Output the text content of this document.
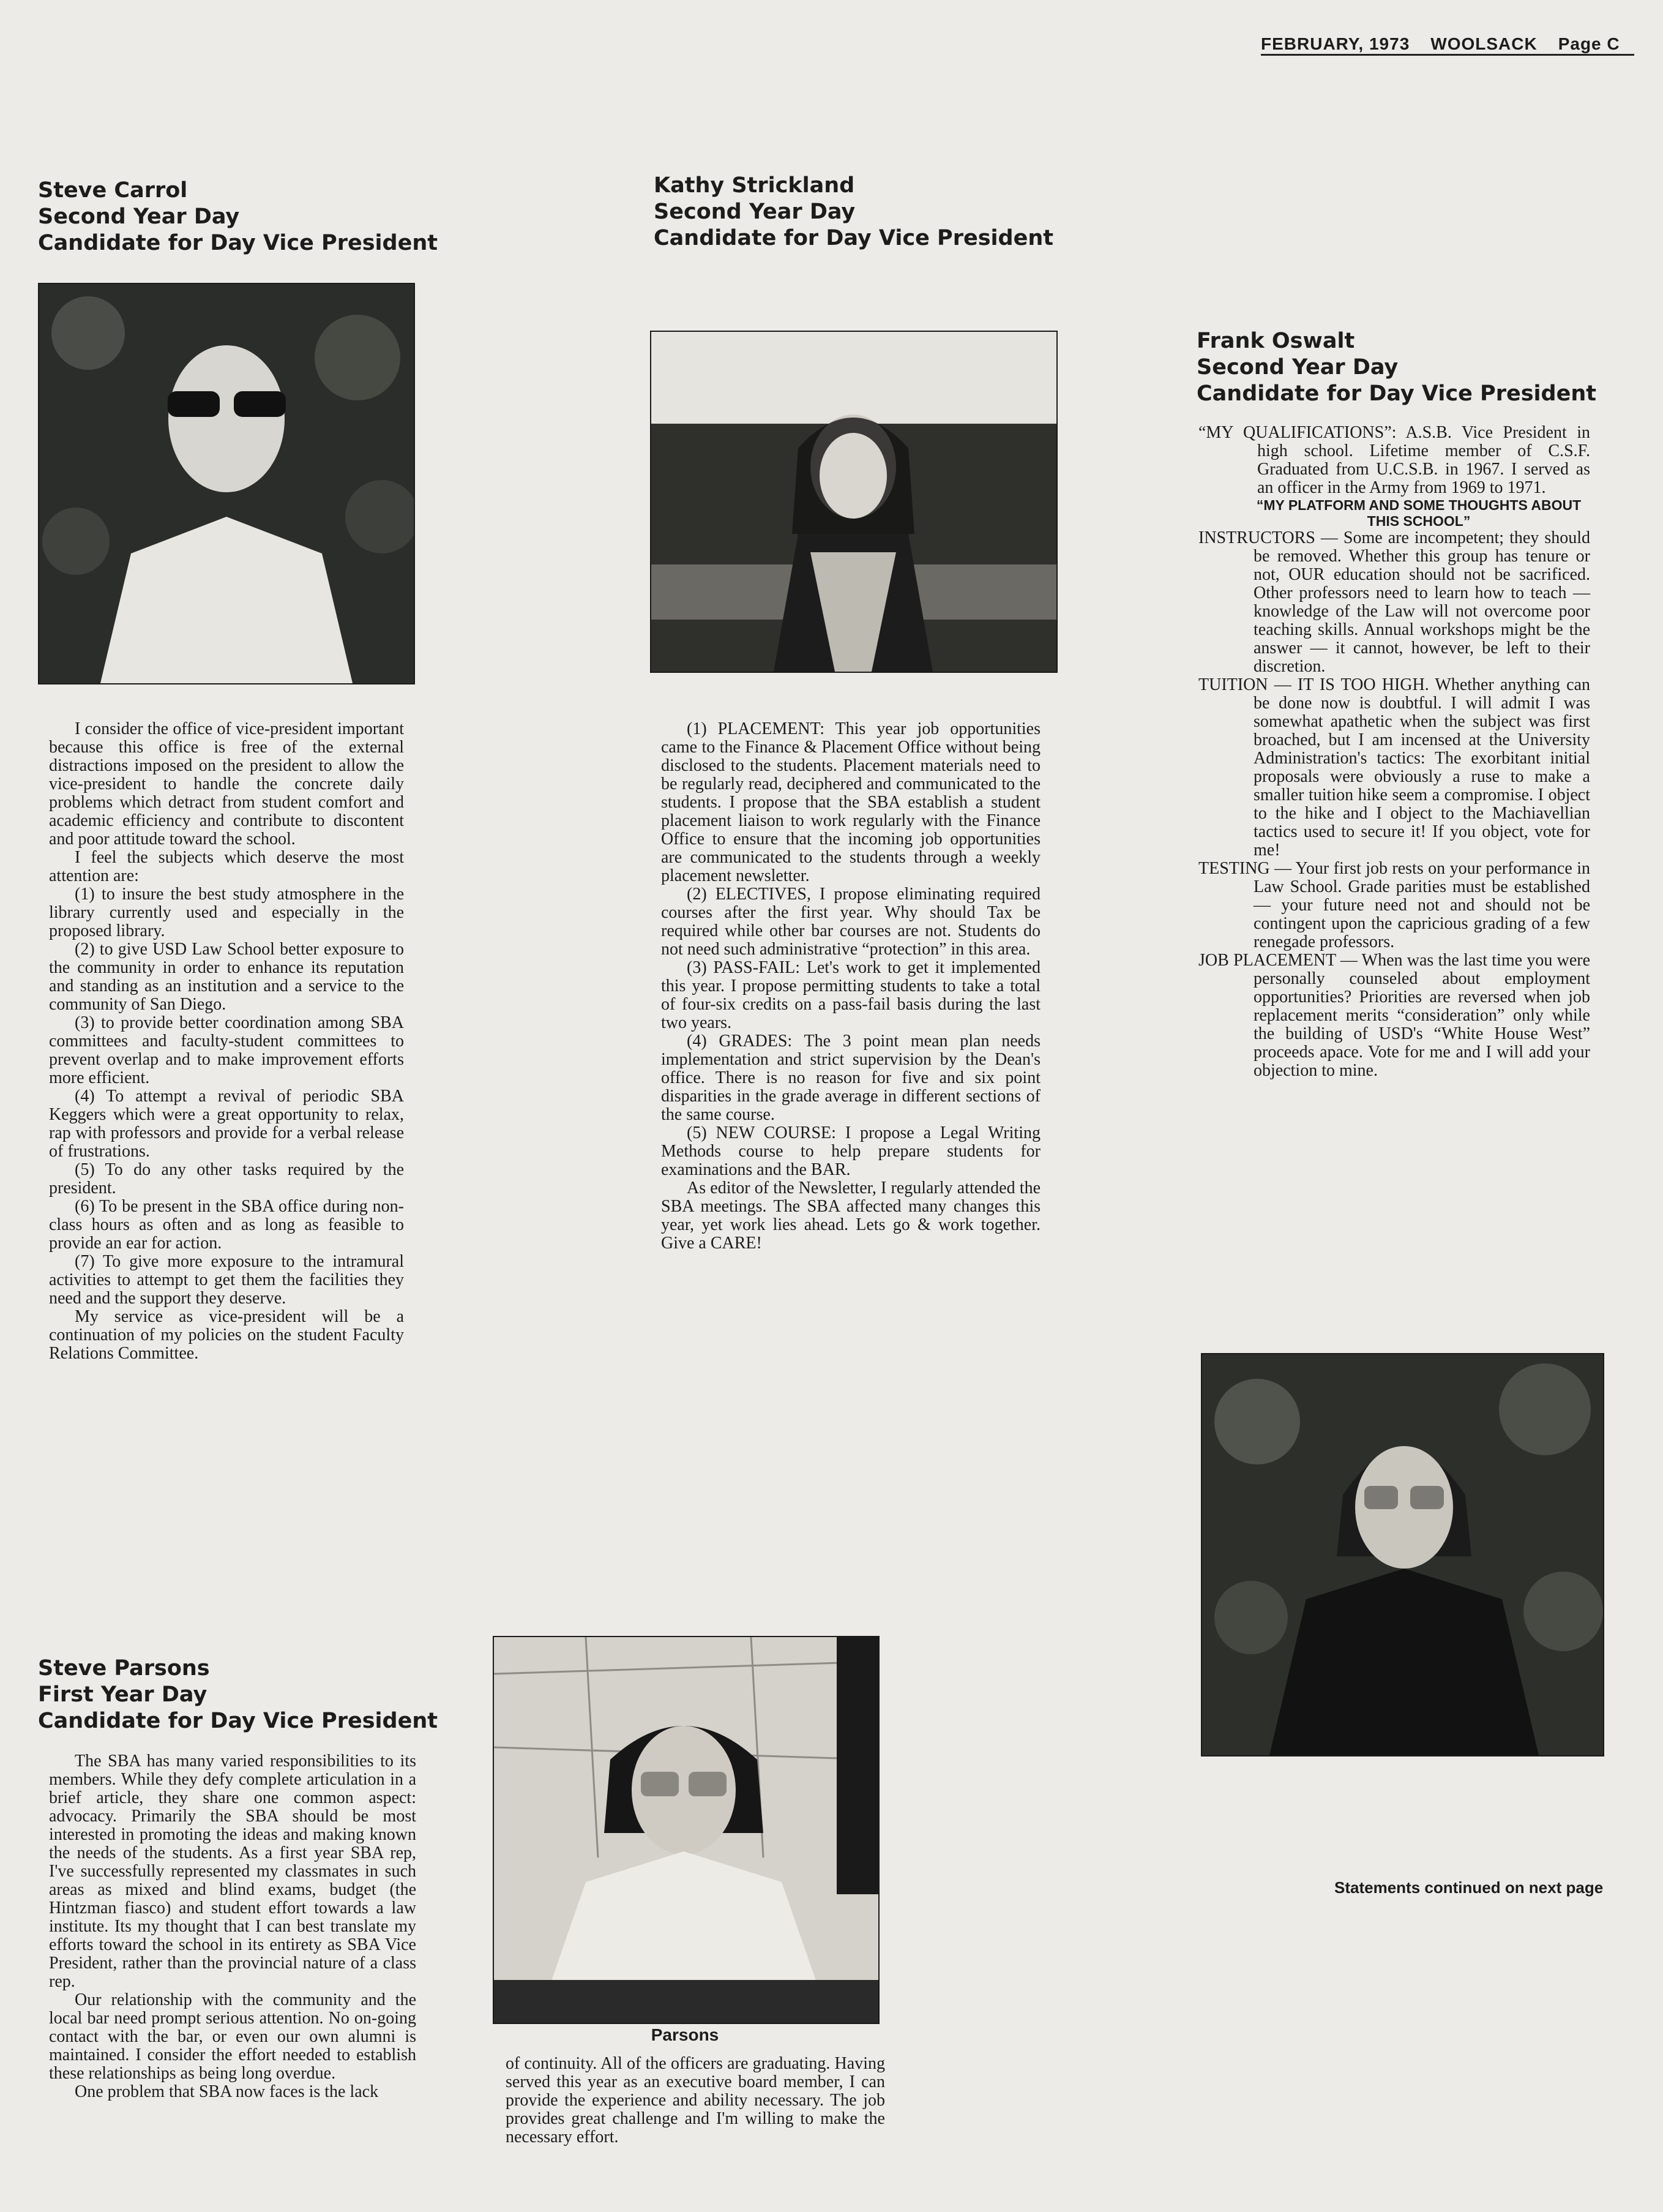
FEBRUARY, 1973 WOOLSACK Page C
Steve Carrol
Second Year Day
Candidate for Day Vice President

I consider the office of vice-president important because this office is free of the external distractions imposed on the president to allow the vice-president to handle the concrete daily problems which detract from student comfort and academic efficiency and contribute to discontent and poor attitude toward the school.

I feel the subjects which deserve the most attention are:

(1) to insure the best study atmosphere in the library currently used and especially in the proposed library.

(2) to give USD Law School better exposure to the community in order to enhance its reputation and standing as an institution and a service to the community of San Diego.

(3) to provide better coordination among SBA committees and faculty-student committees to prevent overlap and to make improvement efforts more efficient.

(4) To attempt a revival of periodic SBA Keggers which were a great opportunity to relax, rap with professors and provide for a verbal release of frustrations.

(5) To do any other tasks required by the president.

(6) To be present in the SBA office during non-class hours as often and as long as feasible to provide an ear for action.

(7) To give more exposure to the intramural activities to attempt to get them the facilities they need and the support they deserve.

My service as vice-president will be a continuation of my policies on the student Faculty Relations Committee.

Kathy Strickland
Second Year Day
Candidate for Day Vice President

(1) PLACEMENT: This year job opportunities came to the Finance & Placement Office without being disclosed to the students. Placement materials need to be regularly read, deciphered and communicated to the students. I propose that the SBA establish a student placement liaison to work regularly with the Finance Office to ensure that the incoming job opportunities are communicated to the students through a weekly placement newsletter.

(2) ELECTIVES, I propose eliminating required courses after the first year. Why should Tax be required while other bar courses are not. Students do not need such administrative “protection” in this area.

(3) PASS-FAIL: Let's work to get it implemented this year. I propose permitting students to take a total of four-six credits on a pass-fail basis during the last two years.

(4) GRADES: The 3 point mean plan needs implementation and strict supervision by the Dean's office. There is no reason for five and six point disparities in the grade average in different sections of the same course.

(5) NEW COURSE: I propose a Legal Writing Methods course to help prepare students for examinations and the BAR.

As editor of the Newsletter, I regularly attended the SBA meetings. The SBA affected many changes this year, yet work lies ahead. Lets go & work together. Give a CARE!

Frank Oswalt
Second Year Day
Candidate for Day Vice President

“MY QUALIFICATIONS”: A.S.B. Vice President in high school. Lifetime member of C.S.F. Graduated from U.C.S.B. in 1967. I served as an officer in the Army from 1969 to 1971.

“MY PLATFORM AND SOME THOUGHTS ABOUT THIS SCHOOL”

INSTRUCTORS — Some are incompetent; they should be removed. Whether this group has tenure or not, OUR education should not be sacrificed. Other professors need to learn how to teach — knowledge of the Law will not overcome poor teaching skills. Annual workshops might be the answer — it cannot, however, be left to their discretion.

TUITION — IT IS TOO HIGH. Whether anything can be done now is doubtful. I will admit I was somewhat apathetic when the subject was first broached, but I am incensed at the University Administration's tactics: The exorbitant initial proposals were obviously a ruse to make a smaller tuition hike seem a compromise. I object to the hike and I object to the Machiavellian tactics used to secure it! If you object, vote for me!

TESTING — Your first job rests on your performance in Law School. Grade parities must be established — your future need not and should not be contingent upon the capricious grading of a few renegade professors.

JOB PLACEMENT — When was the last time you were personally counseled about employment opportunities? Priorities are reversed when job replacement merits “consideration” only while the building of USD's “White House West” proceeds apace. Vote for me and I will add your objection to mine.

Statements continued on next page
Steve Parsons
First Year Day
Candidate for Day Vice President

The SBA has many varied responsibilities to its members. While they defy complete articulation in a brief article, they share one common aspect: advocacy. Primarily the SBA should be most interested in promoting the ideas and making known the needs of the students. As a first year SBA rep, I've successfully represented my classmates in such areas as mixed and blind exams, budget (the Hintzman fiasco) and student effort towards a law institute. Its my thought that I can best translate my efforts toward the school in its entirety as SBA Vice President, rather than the provincial nature of a class rep.

Our relationship with the community and the local bar need prompt serious attention. No on-going contact with the bar, or even our own alumni is maintained. I consider the effort needed to establish these relationships as being long overdue.

One problem that SBA now faces is the lack

Parsons

of continuity. All of the officers are graduating. Having served this year as an executive board member, I can provide the experience and ability necessary. The job provides great challenge and I'm willing to make the necessary effort.
